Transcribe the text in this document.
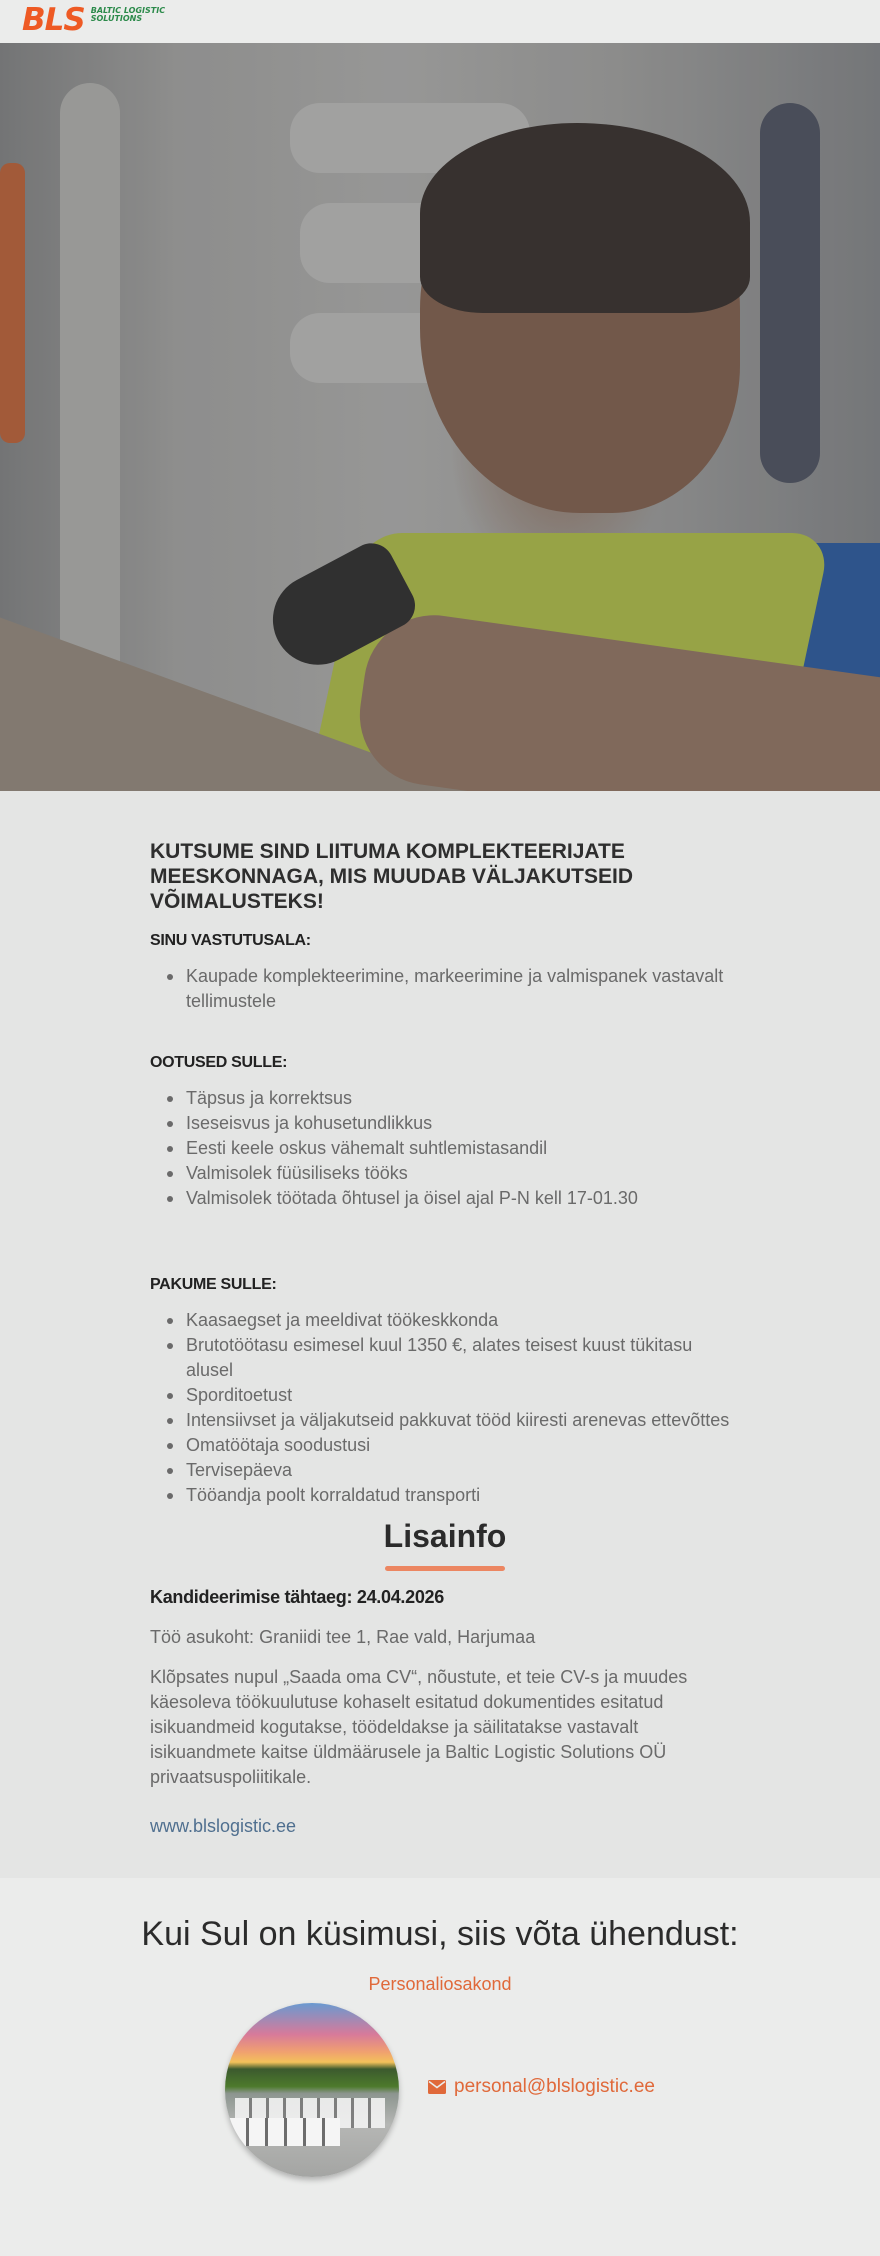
BLS BALTIC LOGISTIC
SOLUTIONS
KUTSUME SIND LIITUMA KOMPLEKTEERIJATE MEESKONNAGA, MIS MUUDAB VÄLJAKUTSEID VÕIMALUSTEKS!
SINU VASTUTUSALA:
Kaupade komplekteerimine, markeerimine ja valmispanek vastavalt tellimustele
OOTUSED SULLE:
Täpsus ja korrektsus
Iseseisvus ja kohusetundlikkus
Eesti keele oskus vähemalt suhtlemistasandil
Valmisolek füüsiliseks tööks
Valmisolek töötada õhtusel ja öisel ajal P-N kell 17-01.30
PAKUME SULLE:
Kaasaegset ja meeldivat töökeskkonda
Brutotöötasu esimesel kuul 1350 €, alates teisest kuust tükitasu alusel
Sporditoetust
Intensiivset ja väljakutseid pakkuvat tööd kiiresti arenevas ettevõttes
Omatöötaja soodustusi
Tervisepäeva
Tööandja poolt korraldatud transporti
Lisainfo

Kandideerimise tähtaeg: 24.04.2026

Töö asukoht: Graniidi tee 1, Rae vald, Harjumaa

Klõpsates nupul „Saada oma CV“, nõustute, et teie CV-s ja muudes käesoleva töökuulutuse kohaselt esitatud dokumentides esitatud isikuandmeid kogutakse, töödeldakse ja säilitatakse vastavalt isikuandmete kaitse üldmäärusele ja Baltic Logistic Solutions OÜ privaatsuspoliitikale.

www.blslogistic.ee
Kui Sul on küsimusi, siis võta ühendust:
Personaliosakond
personal@blslogistic.ee
